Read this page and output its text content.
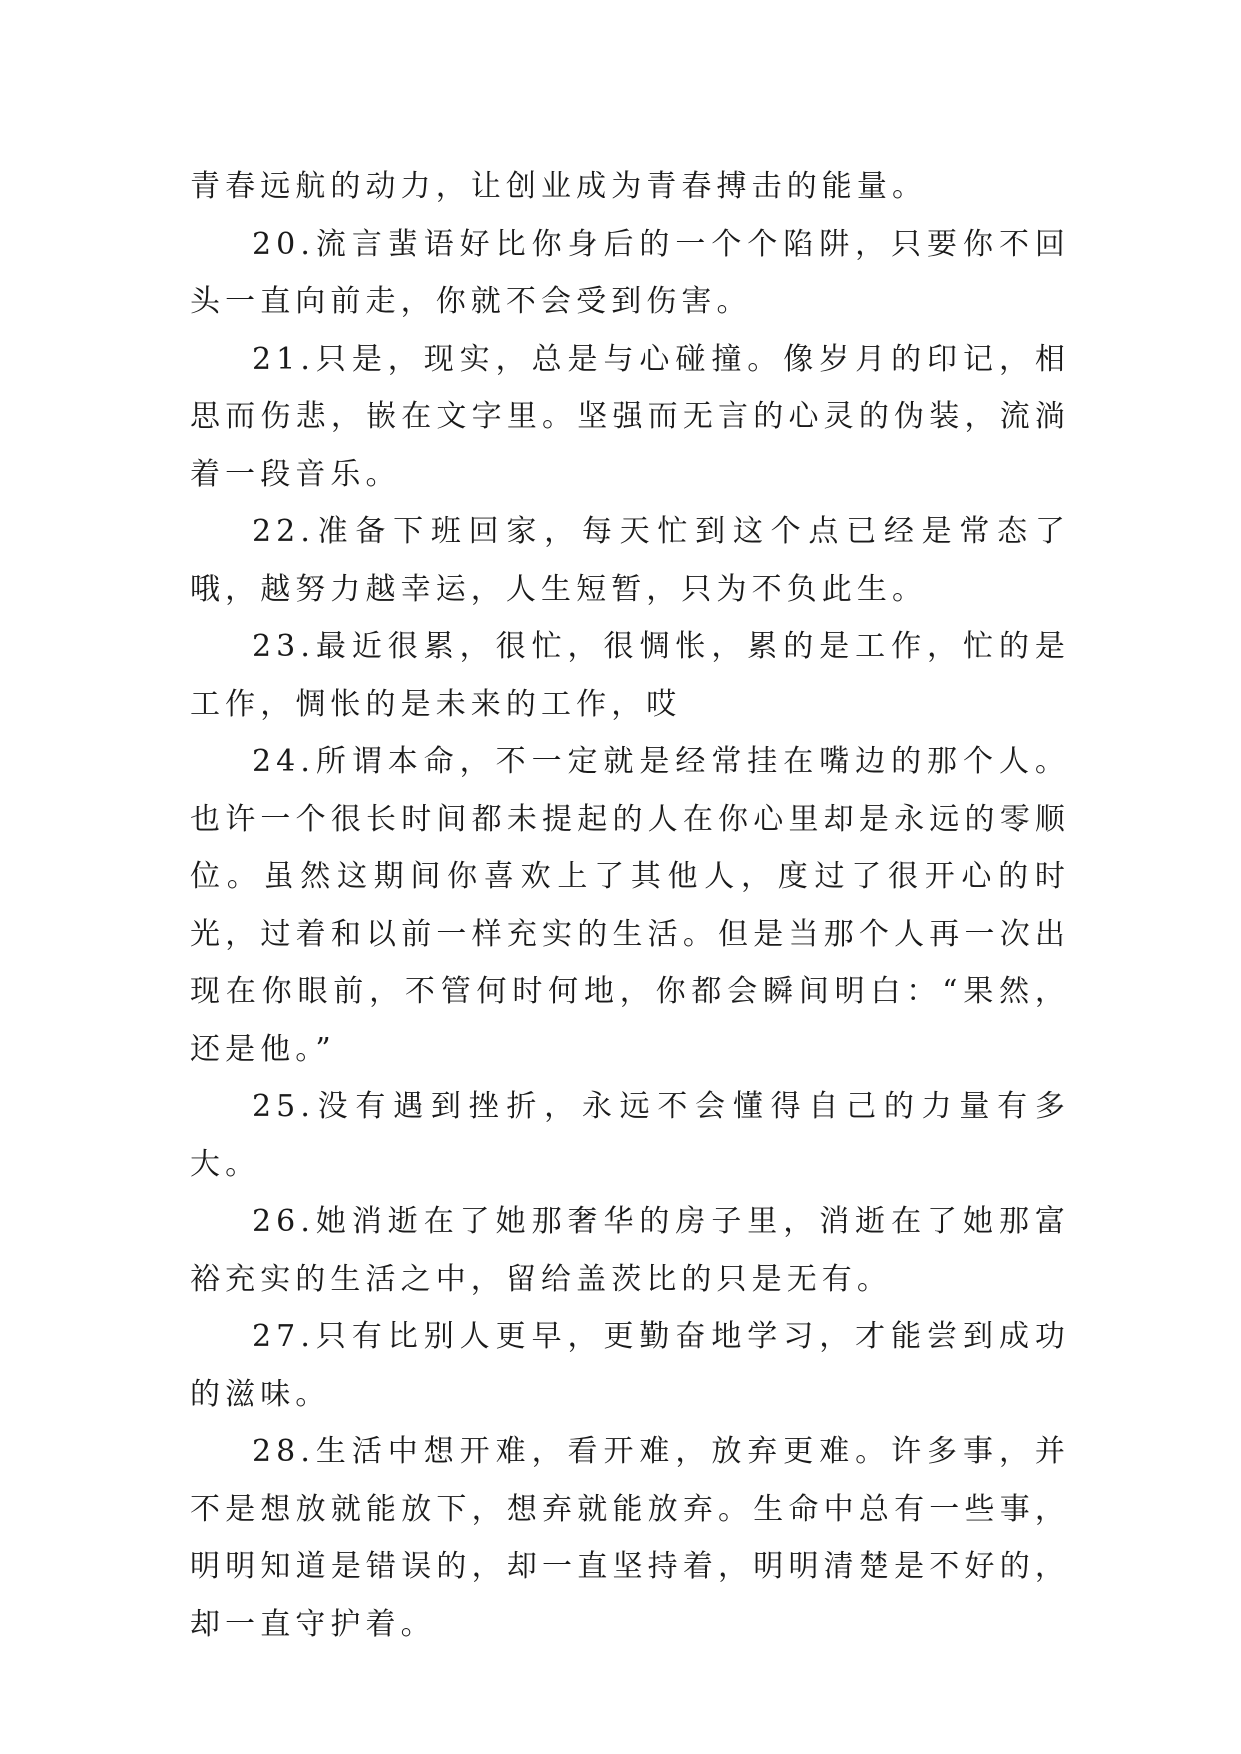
青春远航的动力，让创业成为青春搏击的能量。

20.流言蜚语好比你身后的一个个陷阱，只要你不回头一直向前走，你就不会受到伤害。

21.只是，现实，总是与心碰撞。像岁月的印记，相思而伤悲，嵌在文字里。坚强而无言的心灵的伪装，流淌着一段音乐。

22.准备下班回家，每天忙到这个点已经是常态了哦，越努力越幸运，人生短暂，只为不负此生。

23.最近很累，很忙，很惆怅，累的是工作，忙的是工作，惆怅的是未来的工作，哎

24.所谓本命，不一定就是经常挂在嘴边的那个人。也许一个很长时间都未提起的人在你心里却是永远的零顺位。虽然这期间你喜欢上了其他人，度过了很开心的时光，过着和以前一样充实的生活。但是当那个人再一次出现在你眼前，不管何时何地，你都会瞬间明白：“果然，还是他。”

25.没有遇到挫折，永远不会懂得自己的力量有多大。

26.她消逝在了她那奢华的房子里，消逝在了她那富裕充实的生活之中，留给盖茨比的只是无有。

27.只有比别人更早，更勤奋地学习，才能尝到成功的滋味。

28.生活中想开难，看开难，放弃更难。许多事，并不是想放就能放下，想弃就能放弃。生命中总有一些事，明明知道是错误的，却一直坚持着，明明清楚是不好的，却一直守护着。
